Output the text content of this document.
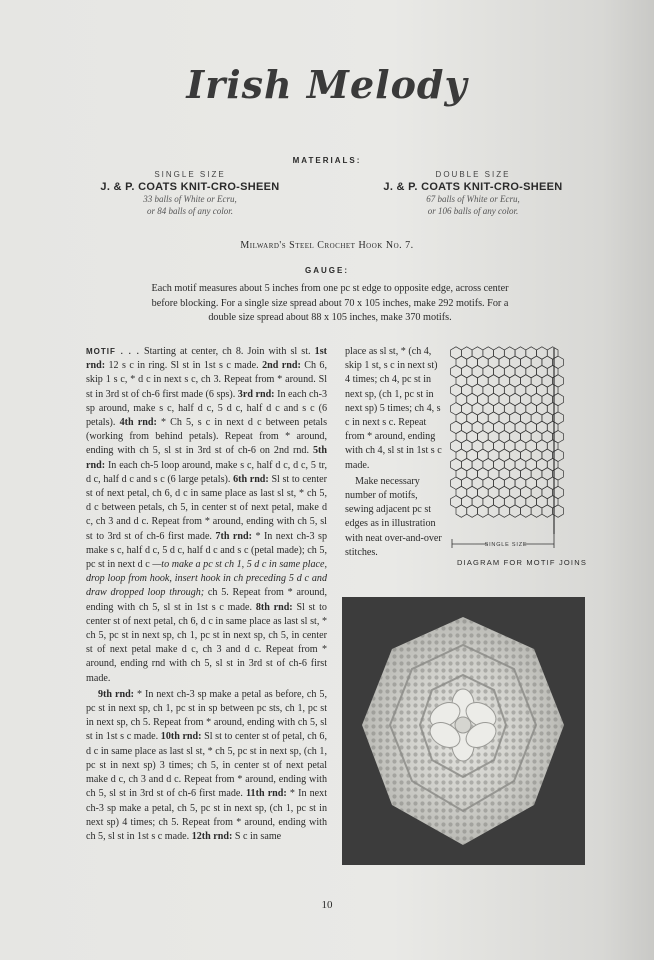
Irish Melody
MATERIALS:
SINGLE SIZE
J. & P. COATS KNIT-CRO-SHEEN
33 balls of White or Ecru,
or 84 balls of any color.
DOUBLE SIZE
J. & P. COATS KNIT-CRO-SHEEN
67 balls of White or Ecru,
or 106 balls of any color.
Milward's Steel Crochet Hook No. 7.
GAUGE:
Each motif measures about 5 inches from one pc st edge to opposite edge, across center before blocking. For a single size spread about 70 x 105 inches, make 292 motifs. For a double size spread about 88 x 105 inches, make 370 motifs.

MOTIF . . . Starting at center, ch 8. Join with sl st. 1st rnd: 12 s c in ring. Sl st in 1st s c made. 2nd rnd: Ch 6, skip 1 s c, * d c in next s c, ch 3. Repeat from * around. Sl st in 3rd st of ch-6 first made (6 sps). 3rd rnd: In each ch-3 sp around, make s c, half d c, 5 d c, half d c and s c (6 petals). 4th rnd: * Ch 5, s c in next d c between petals (working from behind petals). Repeat from * around, ending with ch 5, sl st in 3rd st of ch-6 on 2nd rnd. 5th rnd: In each ch-5 loop around, make s c, half d c, d c, 5 tr, d c, half d c and s c (6 large petals). 6th rnd: Sl st to center st of next petal, ch 6, d c in same place as last sl st, * ch 5, d c between petals, ch 5, in center st of next petal, make d c, ch 3 and d c. Repeat from * around, ending with ch 5, sl st to 3rd st of ch-6 first made. 7th rnd: * In next ch-3 sp make s c, half d c, 5 d c, half d c and s c (petal made); ch 5, pc st in next d c —to make a pc st ch 1, 5 d c in same place, drop loop from hook, insert hook in ch preceding 5 d c and draw dropped loop through; ch 5. Repeat from * around, ending with ch 5, sl st in 1st s c made. 8th rnd: Sl st to center st of next petal, ch 6, d c in same place as last sl st, * ch 5, pc st in next sp, ch 1, pc st in next sp, ch 5, in center st of next petal make d c, ch 3 and d c. Repeat from * around, ending rnd with ch 5, sl st in 3rd st of ch-6 first made.

9th rnd: * In next ch-3 sp make a petal as before, ch 5, pc st in next sp, ch 1, pc st in sp between pc sts, ch 1, pc st in next sp, ch 5. Repeat from * around, ending with ch 5, sl st in 1st s c made. 10th rnd: Sl st to center st of petal, ch 6, d c in same place as last sl st, * ch 5, pc st in next sp, (ch 1, pc st in next sp) 3 times; ch 5, in center st of next petal make d c, ch 3 and d c. Repeat from * around, ending with ch 5, sl st in 3rd st of ch-6 first made. 11th rnd: * In next ch-3 sp make a petal, ch 5, pc st in next sp, (ch 1, pc st in next sp) 4 times; ch 5. Repeat from * around, ending with ch 5, sl st in 1st s c made. 12th rnd: S c in same

place as sl st, * (ch 4, skip 1 st, s c in next st) 4 times; ch 4, pc st in next sp, (ch 1, pc st in next sp) 5 times; ch 4, s c in next s c. Repeat from * around, ending with ch 4, sl st in 1st s c made.

Make necessary number of motifs, sewing adjacent pc st edges as in illustration with neat over-and-over stitches.

SINGLE SIZE
DIAGRAM FOR MOTIF JOINS
10
